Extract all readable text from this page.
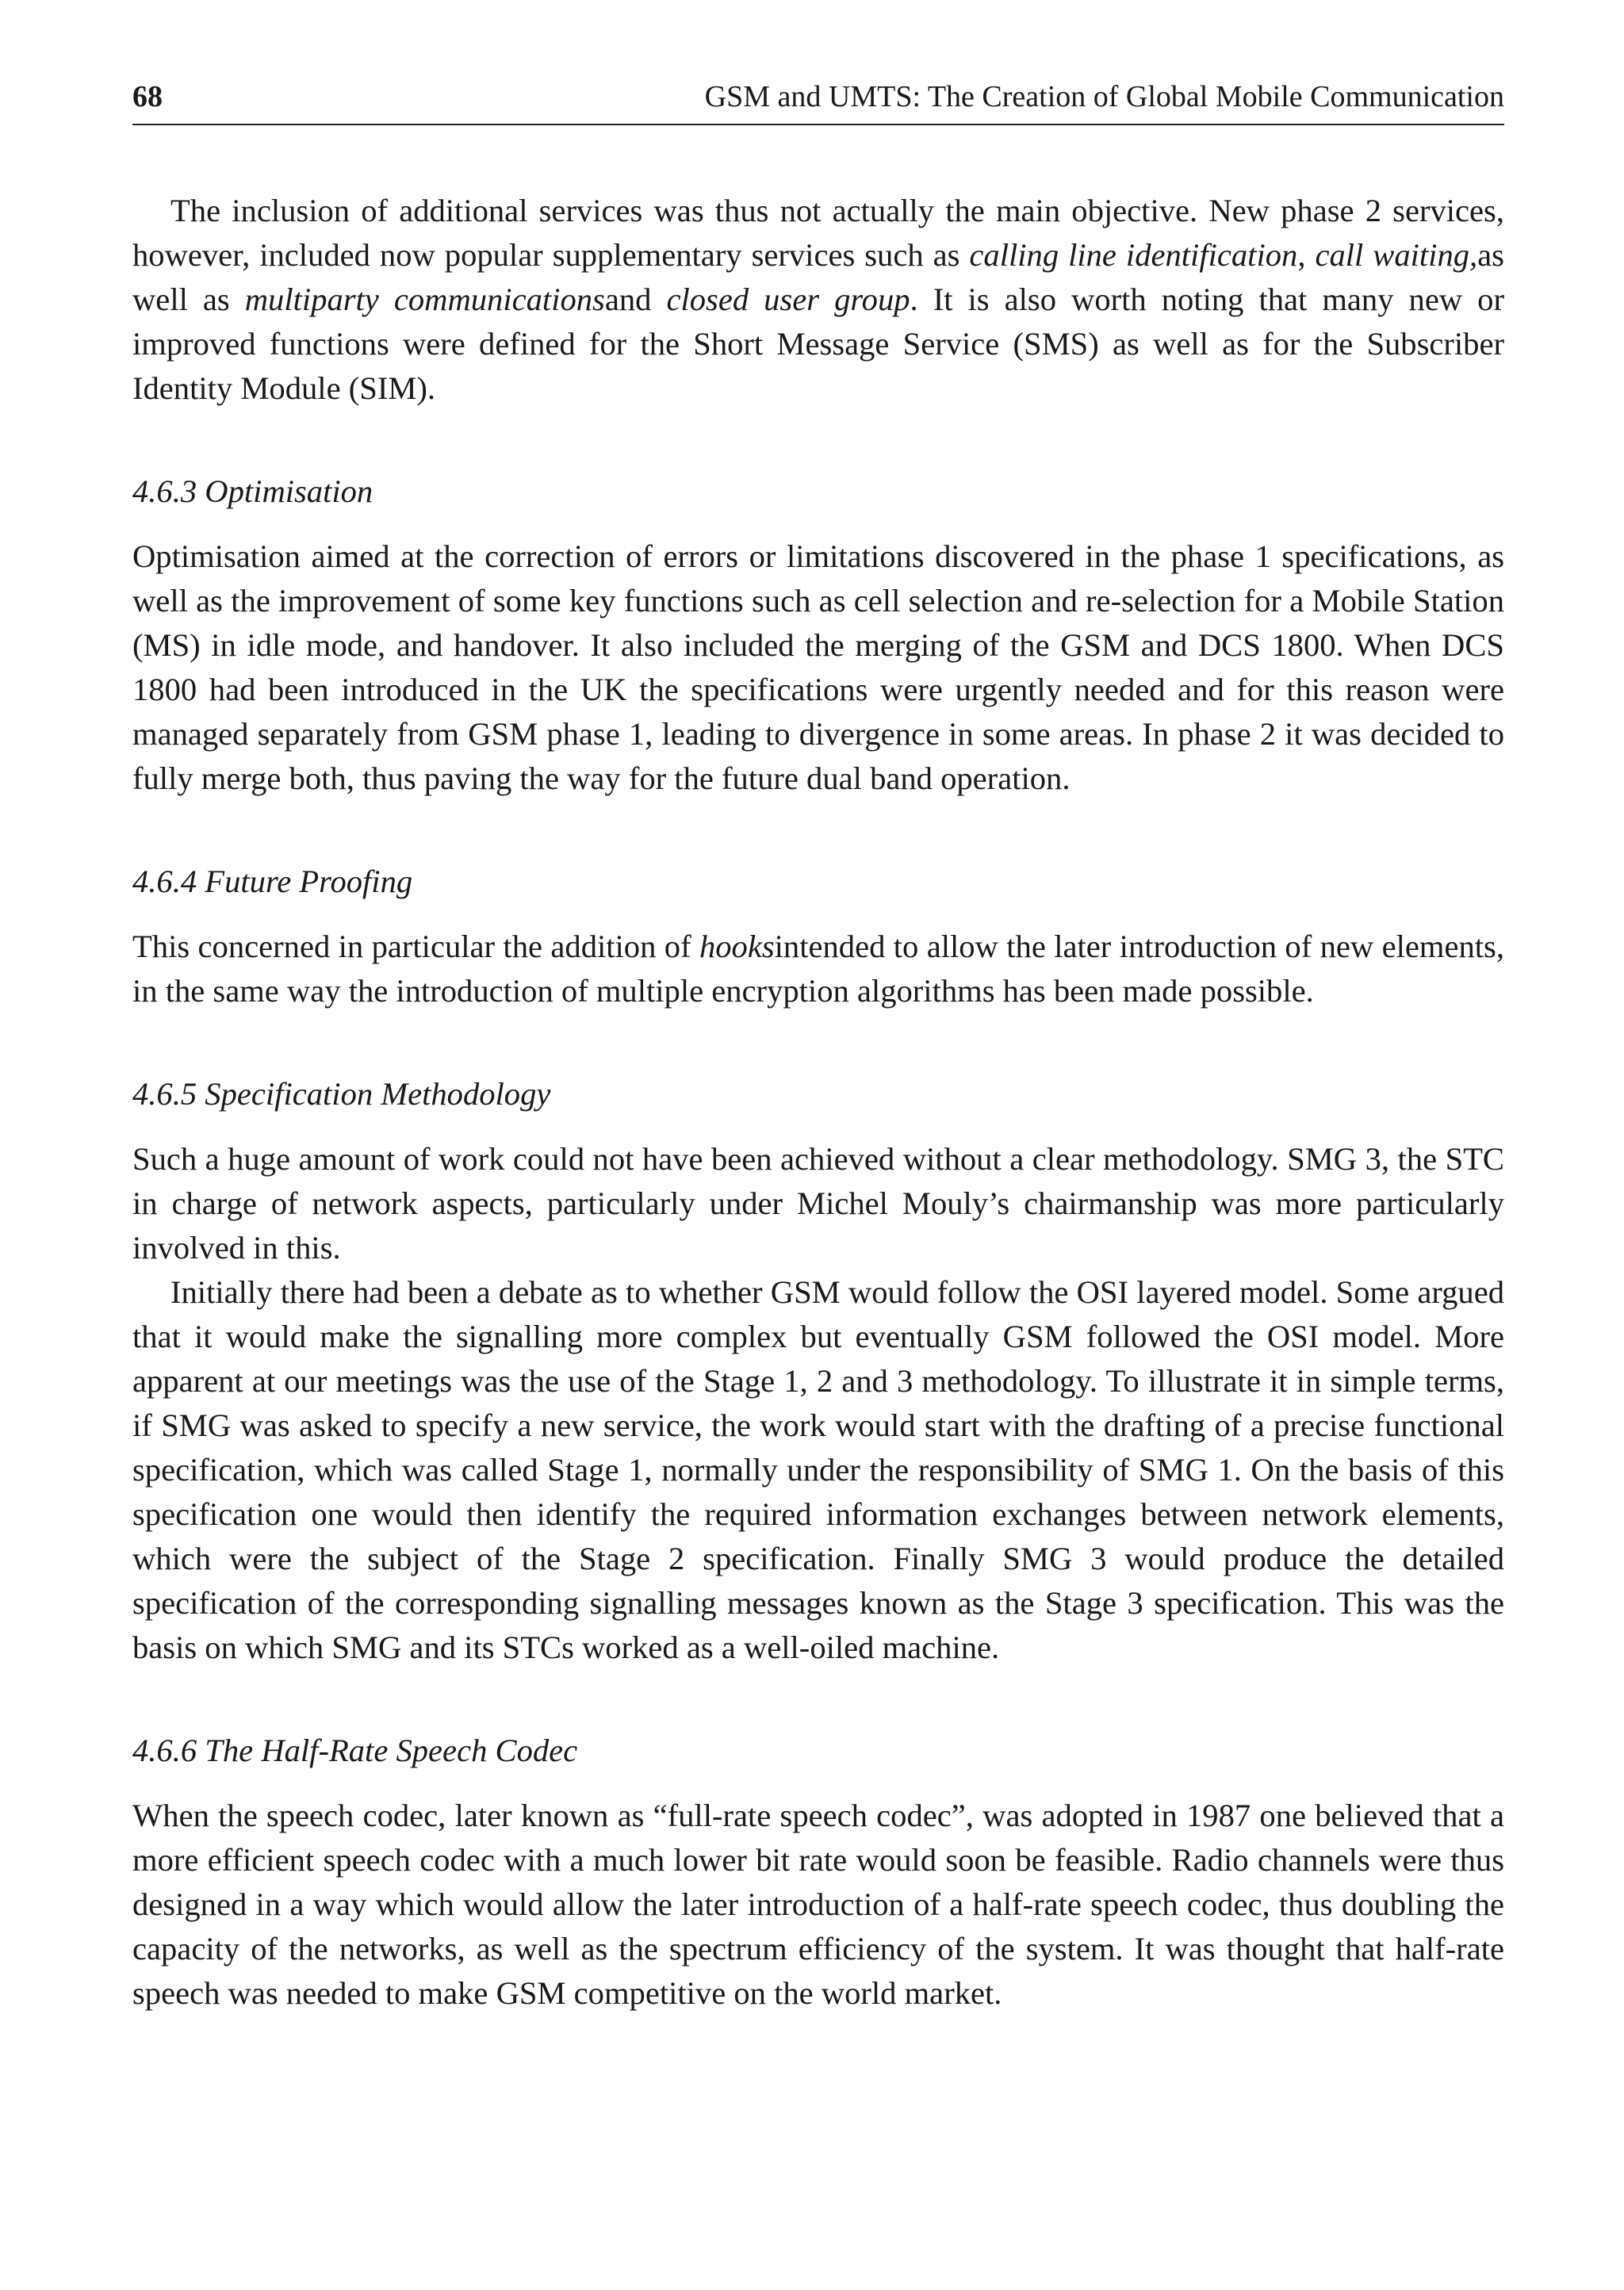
68	GSM and UMTS: The Creation of Global Mobile Communication

The inclusion of additional services was thus not actually the main objective. New phase 2 services, however, included now popular supplementary services such as calling line identification, call waiting,as well as multiparty communicationsand closed user group. It is also worth noting that many new or improved functions were defined for the Short Message Service (SMS) as well as for the Subscriber Identity Module (SIM).

4.6.3 Optimisation

Optimisation aimed at the correction of errors or limitations discovered in the phase 1 specifications, as well as the improvement of some key functions such as cell selection and re-selection for a Mobile Station (MS) in idle mode, and handover. It also included the merging of the GSM and DCS 1800. When DCS 1800 had been introduced in the UK the specifications were urgently needed and for this reason were managed separately from GSM phase 1, leading to divergence in some areas. In phase 2 it was decided to fully merge both, thus paving the way for the future dual band operation.

4.6.4 Future Proofing

This concerned in particular the addition of hooksintended to allow the later introduction of new elements, in the same way the introduction of multiple encryption algorithms has been made possible.

4.6.5 Specification Methodology

Such a huge amount of work could not have been achieved without a clear methodology. SMG 3, the STC in charge of network aspects, particularly under Michel Mouly’s chairmanship was more particularly involved in this.

Initially there had been a debate as to whether GSM would follow the OSI layered model. Some argued that it would make the signalling more complex but eventually GSM followed the OSI model. More apparent at our meetings was the use of the Stage 1, 2 and 3 methodology. To illustrate it in simple terms, if SMG was asked to specify a new service, the work would start with the drafting of a precise functional specification, which was called Stage 1, normally under the responsibility of SMG 1. On the basis of this specification one would then identify the required information exchanges between network elements, which were the subject of the Stage 2 specification. Finally SMG 3 would produce the detailed specification of the corresponding signalling messages known as the Stage 3 specification. This was the basis on which SMG and its STCs worked as a well-oiled machine.

4.6.6 The Half-Rate Speech Codec

When the speech codec, later known as “full-rate speech codec”, was adopted in 1987 one believed that a more efficient speech codec with a much lower bit rate would soon be feasible. Radio channels were thus designed in a way which would allow the later introduction of a half-rate speech codec, thus doubling the capacity of the networks, as well as the spectrum efficiency of the system. It was thought that half-rate speech was needed to make GSM competitive on the world market.
